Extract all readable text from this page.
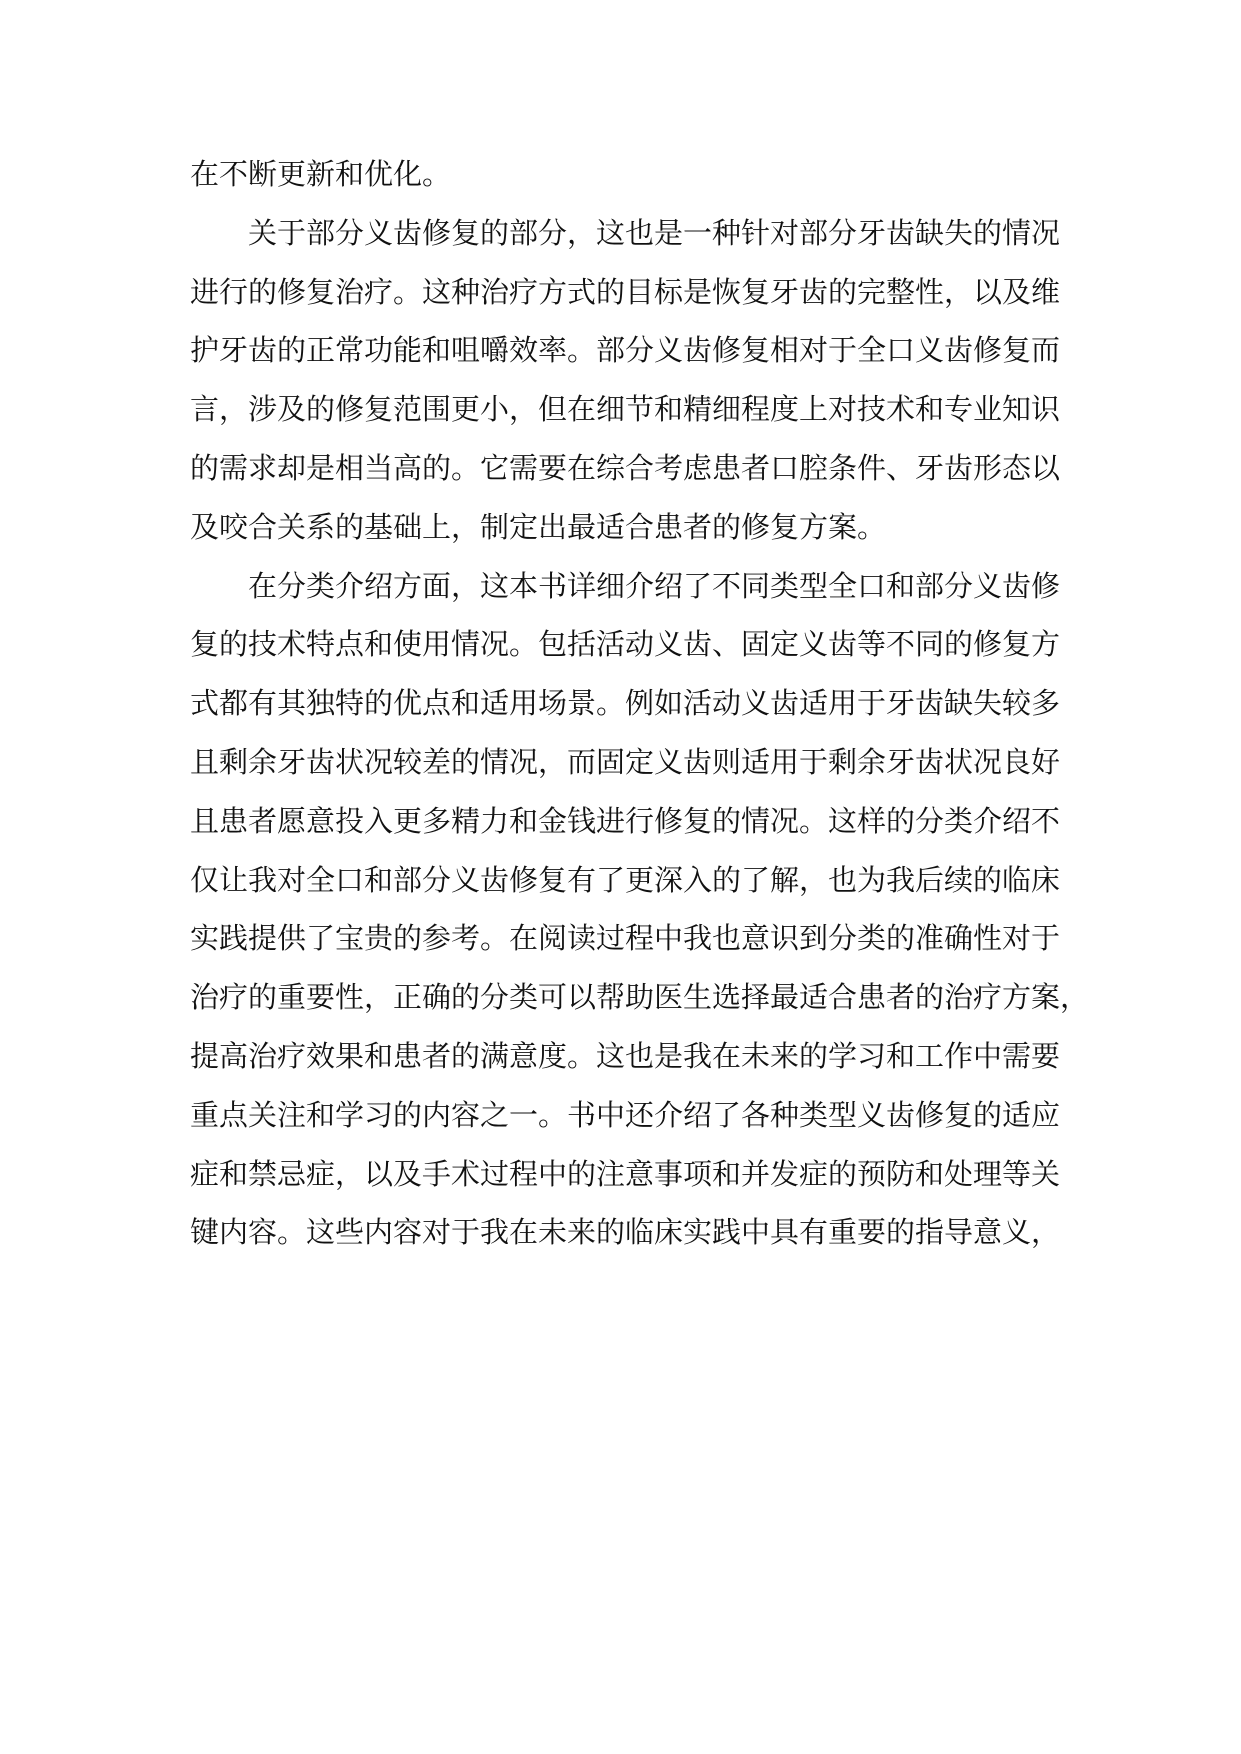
在不断更新和优化。
关于部分义齿修复的部分，这也是一种针对部分牙齿缺失的情况
进行的修复治疗。这种治疗方式的目标是恢复牙齿的完整性，以及维
护牙齿的正常功能和咀嚼效率。部分义齿修复相对于全口义齿修复而
言，涉及的修复范围更小，但在细节和精细程度上对技术和专业知识
的需求却是相当高的。它需要在综合考虑患者口腔条件、牙齿形态以
及咬合关系的基础上，制定出最适合患者的修复方案。
在分类介绍方面，这本书详细介绍了不同类型全口和部分义齿修
复的技术特点和使用情况。包括活动义齿、固定义齿等不同的修复方
式都有其独特的优点和适用场景。例如活动义齿适用于牙齿缺失较多
且剩余牙齿状况较差的情况，而固定义齿则适用于剩余牙齿状况良好
且患者愿意投入更多精力和金钱进行修复的情况。这样的分类介绍不
仅让我对全口和部分义齿修复有了更深入的了解，也为我后续的临床
实践提供了宝贵的参考。在阅读过程中我也意识到分类的准确性对于
治疗的重要性，正确的分类可以帮助医生选择最适合患者的治疗方案，
提高治疗效果和患者的满意度。这也是我在未来的学习和工作中需要
重点关注和学习的内容之一。书中还介绍了各种类型义齿修复的适应
症和禁忌症，以及手术过程中的注意事项和并发症的预防和处理等关
键内容。这些内容对于我在未来的临床实践中具有重要的指导意义，
